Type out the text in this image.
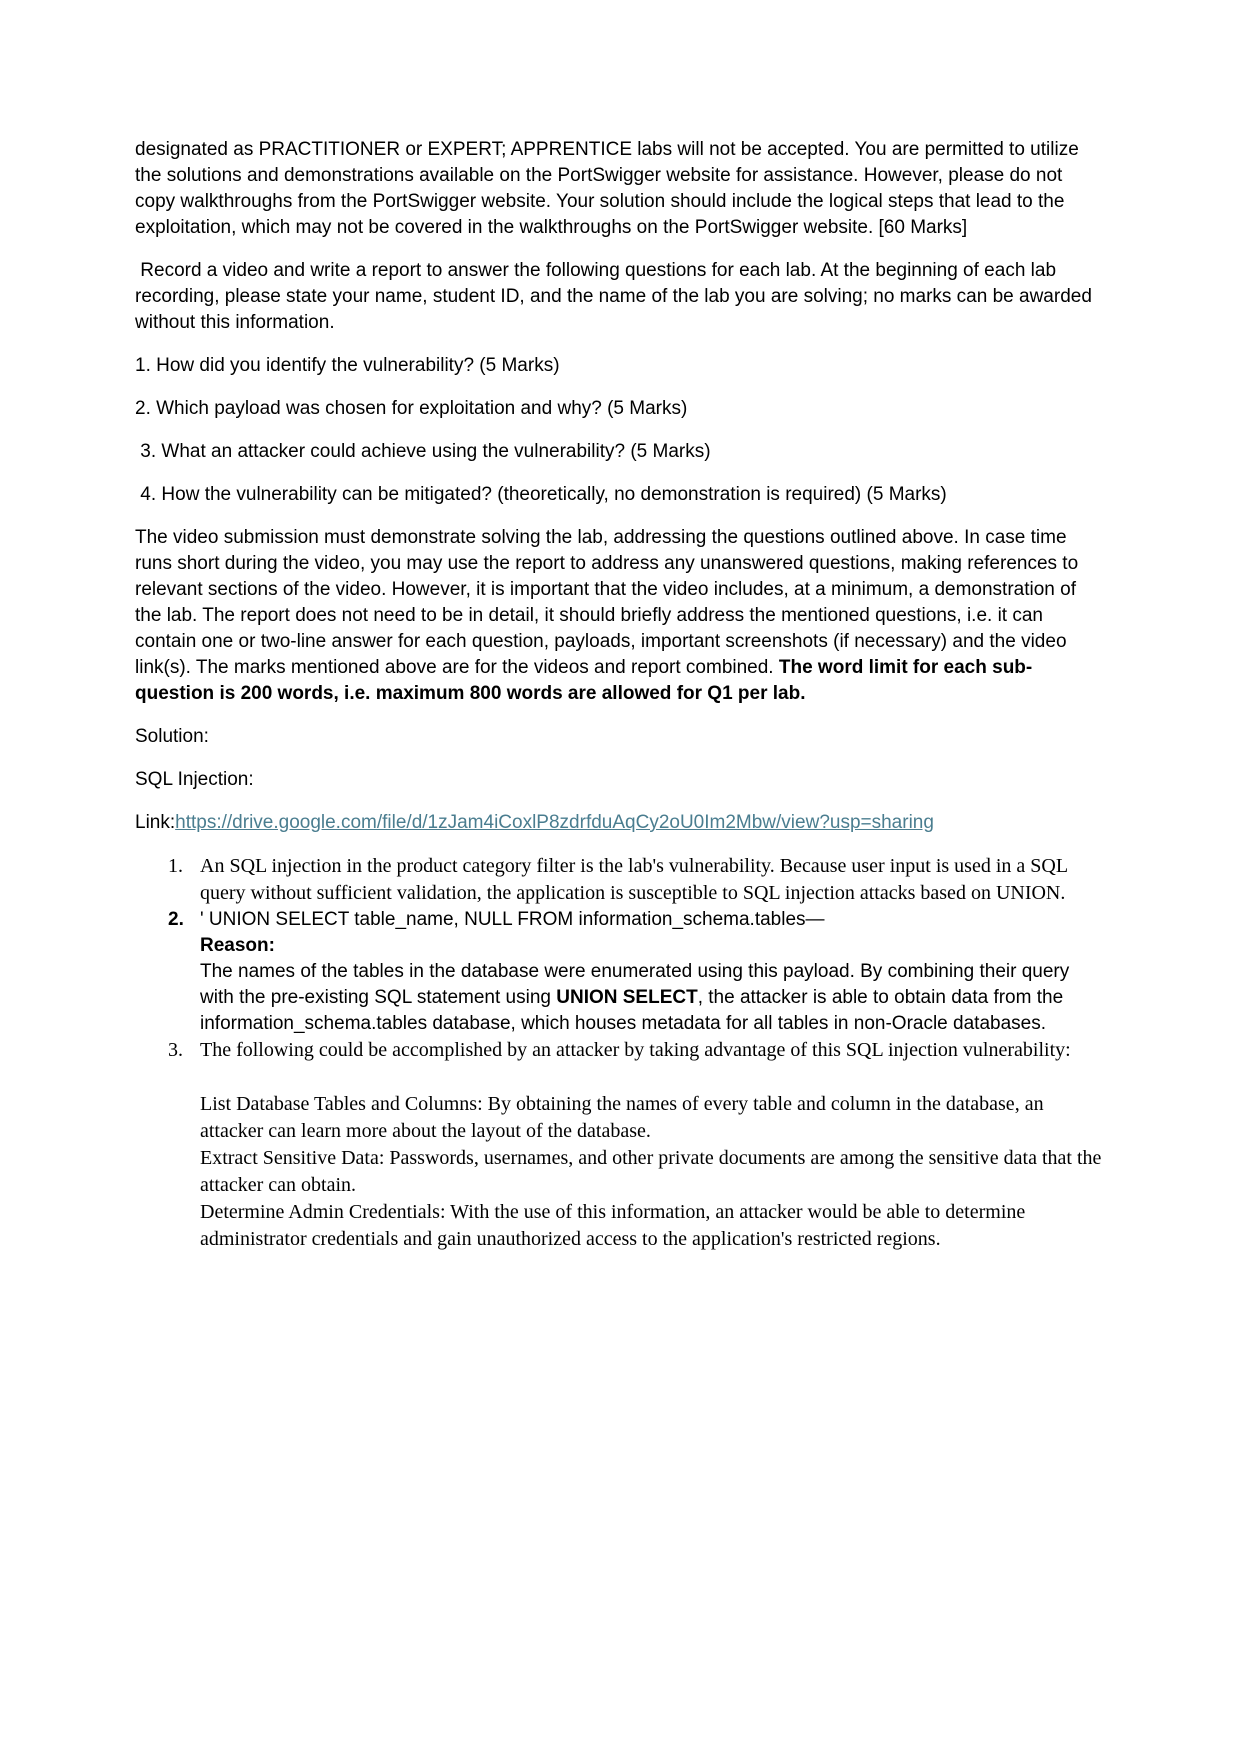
designated as PRACTITIONER or EXPERT; APPRENTICE labs will not be accepted. You are permitted to utilize the solutions and demonstrations available on the PortSwigger website for assistance. However, please do not copy walkthroughs from the PortSwigger website. Your solution should include the logical steps that lead to the exploitation, which may not be covered in the walkthroughs on the PortSwigger website. [60 Marks]

Record a video and write a report to answer the following questions for each lab. At the beginning of each lab recording, please state your name, student ID, and the name of the lab you are solving; no marks can be awarded without this information.

1. How did you identify the vulnerability? (5 Marks)

2. Which payload was chosen for exploitation and why? (5 Marks)

3. What an attacker could achieve using the vulnerability? (5 Marks)

4. How the vulnerability can be mitigated? (theoretically, no demonstration is required) (5 Marks)

The video submission must demonstrate solving the lab, addressing the questions outlined above. In case time runs short during the video, you may use the report to address any unanswered questions, making references to relevant sections of the video. However, it is important that the video includes, at a minimum, a demonstration of the lab. The report does not need to be in detail, it should briefly address the mentioned questions, i.e. it can contain one or two-line answer for each question, payloads, important screenshots (if necessary) and the video link(s). The marks mentioned above are for the videos and report combined. The word limit for each sub-question is 200 words, i.e. maximum 800 words are allowed for Q1 per lab.

Solution:

SQL Injection:

Link:https://drive.google.com/file/d/1zJam4iCoxlP8zdrfduAqCy2oU0Im2Mbw/view?usp=sharing

1. An SQL injection in the product category filter is the lab's vulnerability. Because user input is used in a SQL query without sufficient validation, the application is susceptible to SQL injection attacks based on UNION.
2. ' UNION SELECT table_name, NULL FROM information_schema.tables—
Reason:
The names of the tables in the database were enumerated using this payload. By combining their query with the pre-existing SQL statement using UNION SELECT, the attacker is able to obtain data from the information_schema.tables database, which houses metadata for all tables in non-Oracle databases.
3. The following could be accomplished by an attacker by taking advantage of this SQL injection vulnerability:

List Database Tables and Columns: By obtaining the names of every table and column in the database, an attacker can learn more about the layout of the database.

Extract Sensitive Data: Passwords, usernames, and other private documents are among the sensitive data that the attacker can obtain.

Determine Admin Credentials: With the use of this information, an attacker would be able to determine administrator credentials and gain unauthorized access to the application's restricted regions.
